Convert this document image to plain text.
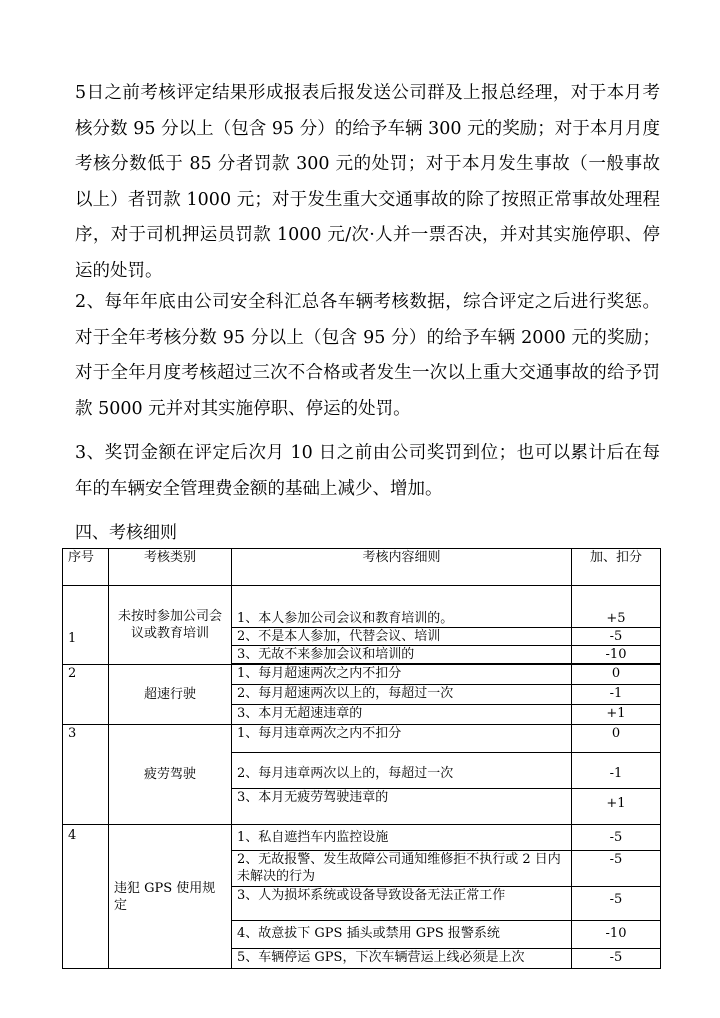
5日之前考核评定结果形成报表后报发送公司群及上报总经理，对于本月考核分数 95 分以上（包含 95 分）的给予车辆 300 元的奖励；对于本月月度考核分数低于 85 分者罚款 300 元的处罚；对于本月发生事故（一般事故以上）者罚款 1000 元；对于发生重大交通事故的除了按照正常事故处理程序，对于司机押运员罚款 1000 元/次·人并一票否决，并对其实施停职、停运的处罚。

2、每年年底由公司安全科汇总各车辆考核数据，综合评定之后进行奖惩。对于全年考核分数 95 分以上（包含 95 分）的给予车辆 2000 元的奖励；对于全年月度考核超过三次不合格或者发生一次以上重大交通事故的给予罚款 5000 元并对其实施停职、停运的处罚。

3、奖罚金额在评定后次月 10 日之前由公司奖罚到位；也可以累计后在每年的车辆安全管理费金额的基础上减少、增加。

四、考核细则

序号	考核类别	考核内容细则	加、扣分
1	未按时参加公司会议或教育培训	1、本人参加公司会议和教育培训的。	+5
		2、不是本人参加，代替会议、培训	-5
		3、无故不来参加会议和培训的	-10

2	超速行驶	1、每月超速两次之内不扣分	0
		2、每月超速两次以上的，每超过一次	-1
		3、本月无超速违章的	+1
3	疲劳驾驶	1、每月违章两次之内不扣分	0
		2、每月违章两次以上的，每超过一次	-1
		3、本月无疲劳驾驶违章的	+1
4	违犯 GPS 使用规定	1、私自遮挡车内监控设施	-5
		2、无故报警、发生故障公司通知维修拒不执行或 2 日内未解决的行为	-5
		3、人为损坏系统或设备导致设备无法正常工作	-5
		4、故意拔下 GPS 插头或禁用 GPS 报警系统	-10
		5、车辆停运 GPS，下次车辆营运上线必须是上次	-5
